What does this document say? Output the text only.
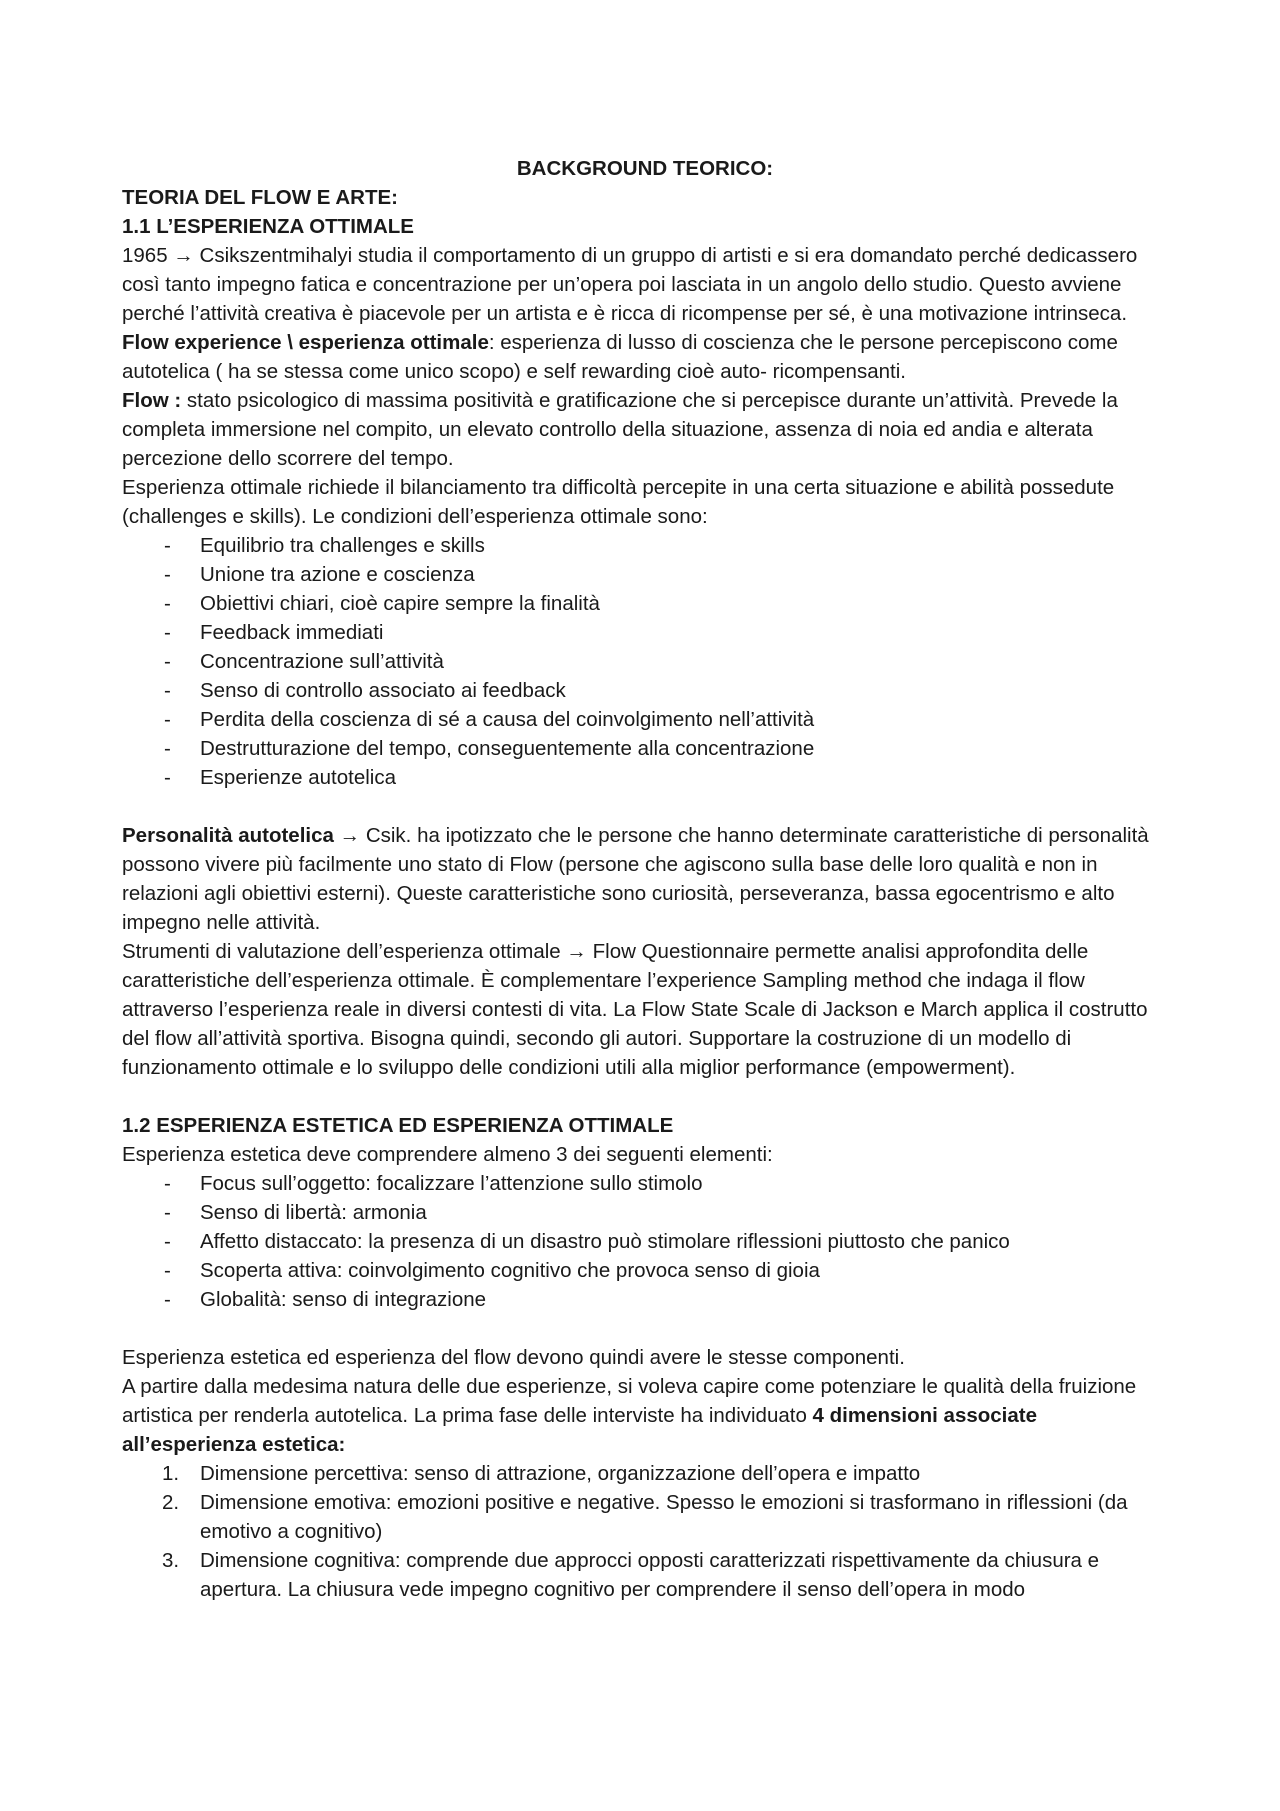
BACKGROUND TEORICO:

TEORIA DEL FLOW E ARTE:

1.1 L’ESPERIENZA OTTIMALE

1965 → Csikszentmihalyi studia il comportamento di un gruppo di artisti e si era domandato perché dedicassero così tanto impegno fatica e concentrazione per un’opera poi lasciata in un angolo dello studio. Questo avviene perché l’attività creativa è piacevole per un artista e è ricca di ricompense per sé, è una motivazione intrinseca.

Flow experience \ esperienza ottimale: esperienza di lusso di coscienza che le persone percepiscono come autotelica ( ha se stessa come unico scopo) e self rewarding cioè auto- ricompensanti.

Flow : stato psicologico di massima positività e gratificazione che si percepisce durante un’attività. Prevede la completa immersione nel compito, un elevato controllo della situazione, assenza di noia ed andia e alterata percezione dello scorrere del tempo.

Esperienza ottimale richiede il bilanciamento tra difficoltà percepite in una certa situazione e abilità possedute (challenges e skills). Le condizioni dell’esperienza ottimale sono:

- Equilibrio tra challenges e skills
- Unione tra azione e coscienza
- Obiettivi chiari, cioè capire sempre la finalità
- Feedback immediati
- Concentrazione sull’attività
- Senso di controllo associato ai feedback
- Perdita della coscienza di sé a causa del coinvolgimento nell’attività
- Destrutturazione del tempo, conseguentemente alla concentrazione
- Esperienze autotelica

Personalità autotelica → Csik. ha ipotizzato che le persone che hanno determinate caratteristiche di personalità possono vivere più facilmente uno stato di Flow (persone che agiscono sulla base delle loro qualità e non in relazioni agli obiettivi esterni). Queste caratteristiche sono curiosità, perseveranza, bassa egocentrismo e alto impegno nelle attività.

Strumenti di valutazione dell’esperienza ottimale → Flow Questionnaire permette analisi approfondita delle caratteristiche dell’esperienza ottimale. È complementare l’experience Sampling method che indaga il flow attraverso l’esperienza reale in diversi contesti di vita. La Flow State Scale di Jackson e March applica il costrutto del flow all’attività sportiva. Bisogna quindi, secondo gli autori. Supportare la costruzione di un modello di funzionamento ottimale e lo sviluppo delle condizioni utili alla miglior performance (empowerment).

1.2 ESPERIENZA ESTETICA ED ESPERIENZA OTTIMALE

Esperienza estetica deve comprendere almeno 3 dei seguenti elementi:

- Focus sull’oggetto: focalizzare l’attenzione sullo stimolo
- Senso di libertà: armonia
- Affetto distaccato: la presenza di un disastro può stimolare riflessioni piuttosto che panico
- Scoperta attiva: coinvolgimento cognitivo che provoca senso di gioia
- Globalità: senso di integrazione

Esperienza estetica ed esperienza del flow devono quindi avere le stesse componenti.

A partire dalla medesima natura delle due esperienze, si voleva capire come potenziare le qualità della fruizione artistica per renderla autotelica. La prima fase delle interviste ha individuato 4 dimensioni associate all’esperienza estetica:

1. Dimensione percettiva: senso di attrazione, organizzazione dell’opera e impatto
2. Dimensione emotiva: emozioni positive e negative. Spesso le emozioni si trasformano in riflessioni (da emotivo a cognitivo)
3. Dimensione cognitiva: comprende due approcci opposti caratterizzati rispettivamente da chiusura e apertura. La chiusura vede impegno cognitivo per comprendere il senso dell’opera in modo
